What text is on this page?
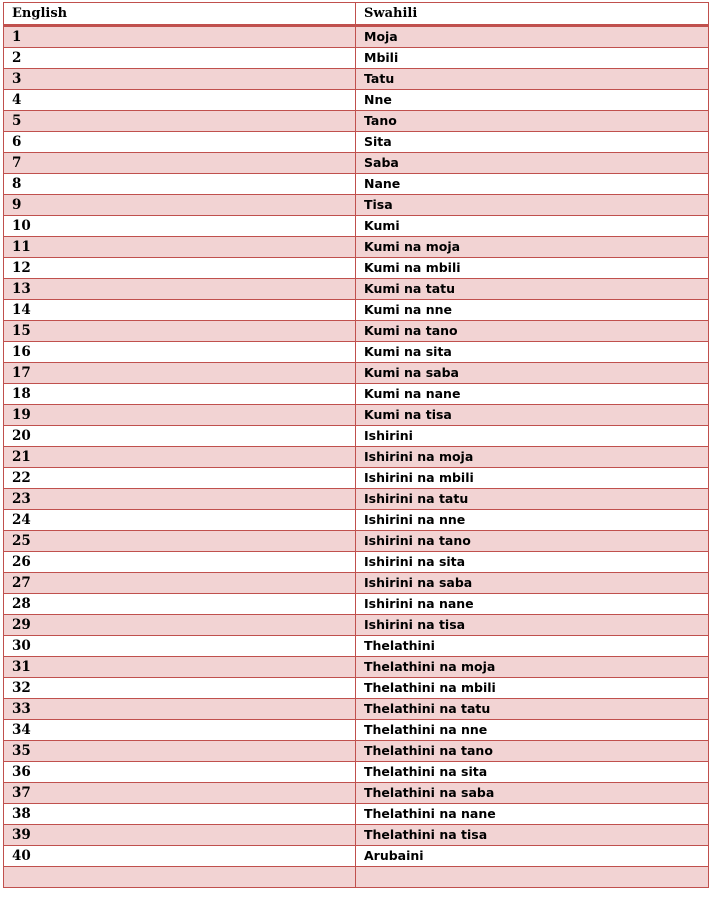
English	Swahili
1	Moja
2	Mbili
3	Tatu
4	Nne
5	Tano
6	Sita
7	Saba
8	Nane
9	Tisa
10	Kumi
11	Kumi na moja
12	Kumi na mbili
13	Kumi na tatu
14	Kumi na nne
15	Kumi na tano
16	Kumi na sita
17	Kumi na saba
18	Kumi na nane
19	Kumi na tisa
20	Ishirini
21	Ishirini na moja
22	Ishirini na mbili
23	Ishirini na tatu
24	Ishirini na nne
25	Ishirini na tano
26	Ishirini na sita
27	Ishirini na saba
28	Ishirini na nane
29	Ishirini na tisa
30	Thelathini
31	Thelathini na moja
32	Thelathini na mbili
33	Thelathini na tatu
34	Thelathini na nne
35	Thelathini na tano
36	Thelathini na sita
37	Thelathini na saba
38	Thelathini na nane
39	Thelathini na tisa
40	Arubaini
